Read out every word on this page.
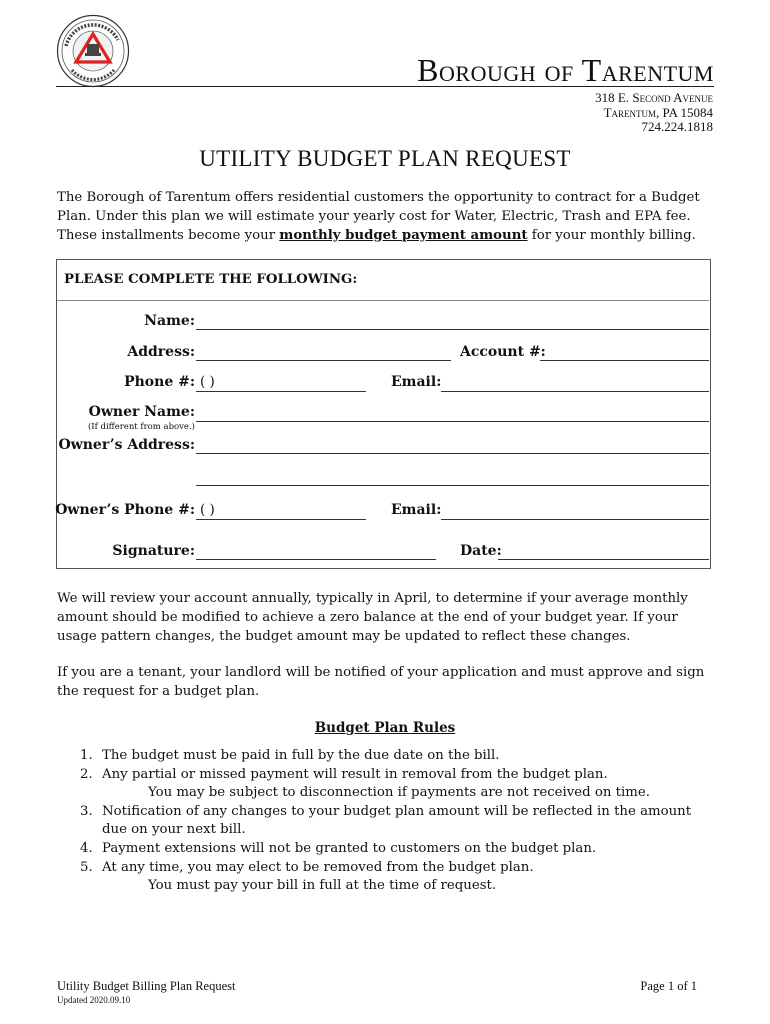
Borough of Tarentum
318 E. Second Avenue
Tarentum, PA 15084
724.224.1818
UTILITY BUDGET PLAN REQUEST
The Borough of Tarentum offers residential customers the opportunity to contract for a Budget Plan. Under this plan we will estimate your yearly cost for Water, Electric, Trash and EPA fee. These installments become your monthly budget payment amount for your monthly billing.
PLEASE COMPLETE THE FOLLOWING:
Name:
Address:	Account #:
Phone #: ( )	Email:
Owner Name:
(If different from above.)
Owner’s Address:
Owner’s Phone #: ( )	Email:
Signature:	Date:
We will review your account annually, typically in April, to determine if your average monthly amount should be modified to achieve a zero balance at the end of your budget year. If your usage pattern changes, the budget amount may be updated to reflect these changes.
If you are a tenant, your landlord will be notified of your application and must approve and sign the request for a budget plan.
Budget Plan Rules
1. The budget must be paid in full by the due date on the bill.
2. Any partial or missed payment will result in removal from the budget plan.
You may be subject to disconnection if payments are not received on time.
3. Notification of any changes to your budget plan amount will be reflected in the amount
due on your next bill.
4. Payment extensions will not be granted to customers on the budget plan.
5. At any time, you may elect to be removed from the budget plan.
You must pay your bill in full at the time of request.
Utility Budget Billing Plan Request
Updated 2020.09.10
Page 1 of 1
